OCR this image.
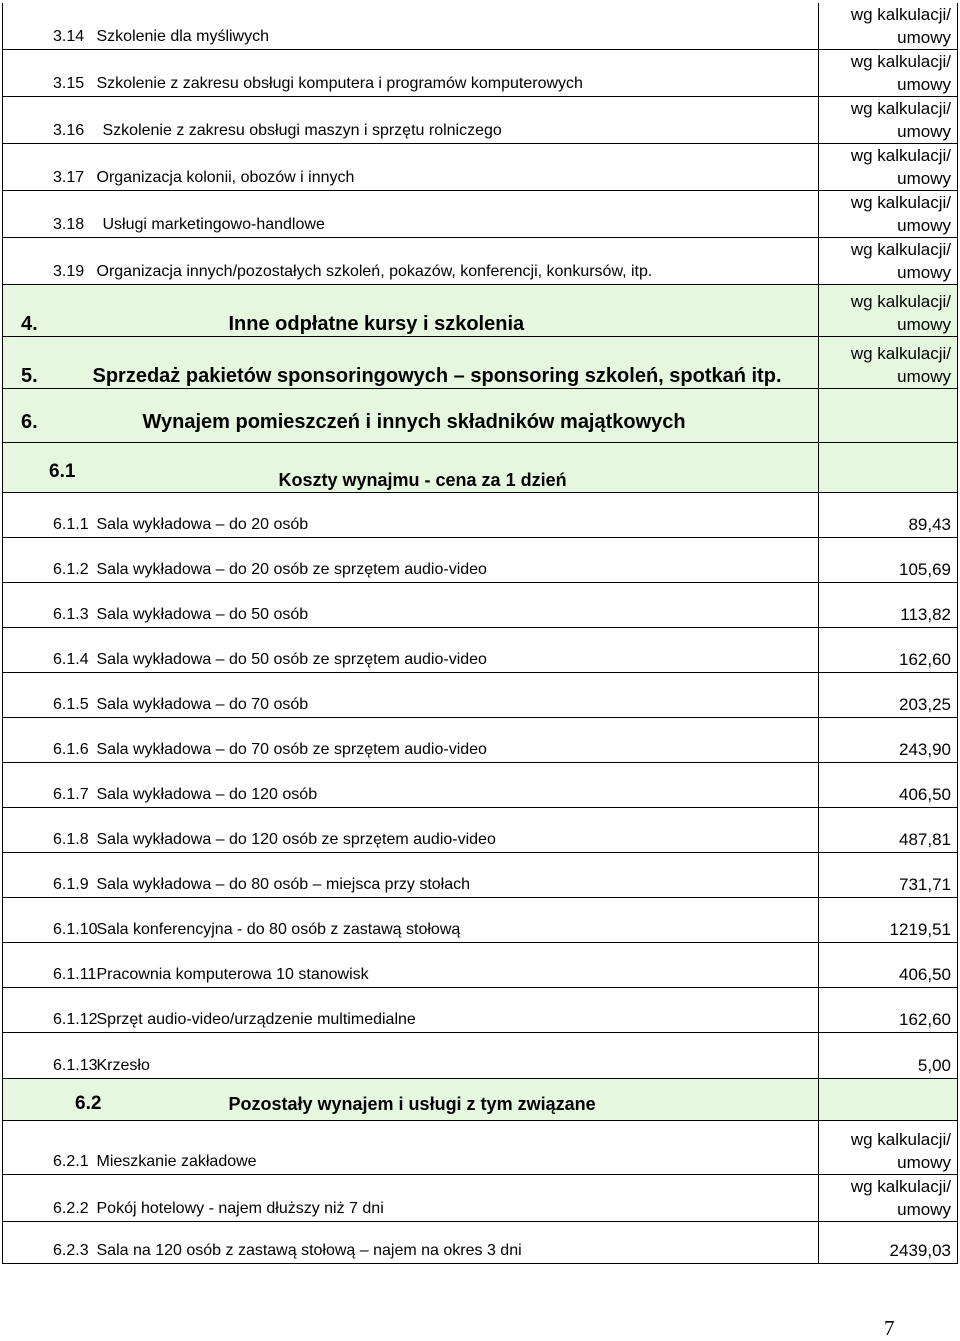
3.14	Szkolenie dla myśliwych	wg kalkulacji/
umowy
3.15	Szkolenie z zakresu obsługi komputera i programów komputerowych	wg kalkulacji/
umowy
3.16	Szkolenie z zakresu obsługi maszyn i sprzętu rolniczego	wg kalkulacji/
umowy
3.17	Organizacja kolonii, obozów i innych	wg kalkulacji/
umowy
3.18	Usługi marketingowo-handlowe	wg kalkulacji/
umowy
3.19	Organizacja innych/pozostałych szkoleń, pokazów, konferencji, konkursów, itp.	wg kalkulacji/
umowy
4.	Inne odpłatne kursy i szkolenia	wg kalkulacji/
umowy
5.	Sprzedaż pakietów sponsoringowych – sponsoring szkoleń, spotkań itp.	wg kalkulacji/
umowy
6.	Wynajem pomieszczeń i innych składników majątkowych	
6.1	Koszty wynajmu - cena za 1 dzień	
6.1.1	Sala wykładowa – do 20 osób	89,43
6.1.2	Sala wykładowa – do 20 osób ze sprzętem audio-video	105,69
6.1.3	Sala wykładowa – do 50 osób	113,82
6.1.4	Sala wykładowa – do 50 osób ze sprzętem audio-video	162,60
6.1.5	Sala wykładowa – do 70 osób	203,25
6.1.6	Sala wykładowa – do 70 osób ze sprzętem audio-video	243,90
6.1.7	Sala wykładowa – do 120 osób	406,50
6.1.8	Sala wykładowa – do 120 osób ze sprzętem audio-video	487,81
6.1.9	Sala wykładowa – do 80 osób – miejsca przy stołach	731,71
6.1.10	Sala konferencyjna - do 80 osób z zastawą stołową	1219,51
6.1.11	Pracownia komputerowa 10 stanowisk	406,50
6.1.12	Sprzęt audio-video/urządzenie multimedialne	162,60
6.1.13	Krzesło	5,00
6.2	Pozostały wynajem i usługi z tym związane	
6.2.1	Mieszkanie zakładowe	wg kalkulacji/
umowy
6.2.2	Pokój hotelowy - najem dłuższy niż 7 dni	wg kalkulacji/
umowy
6.2.3	Sala na 120 osób z zastawą stołową – najem na okres 3 dni	2439,03
7
